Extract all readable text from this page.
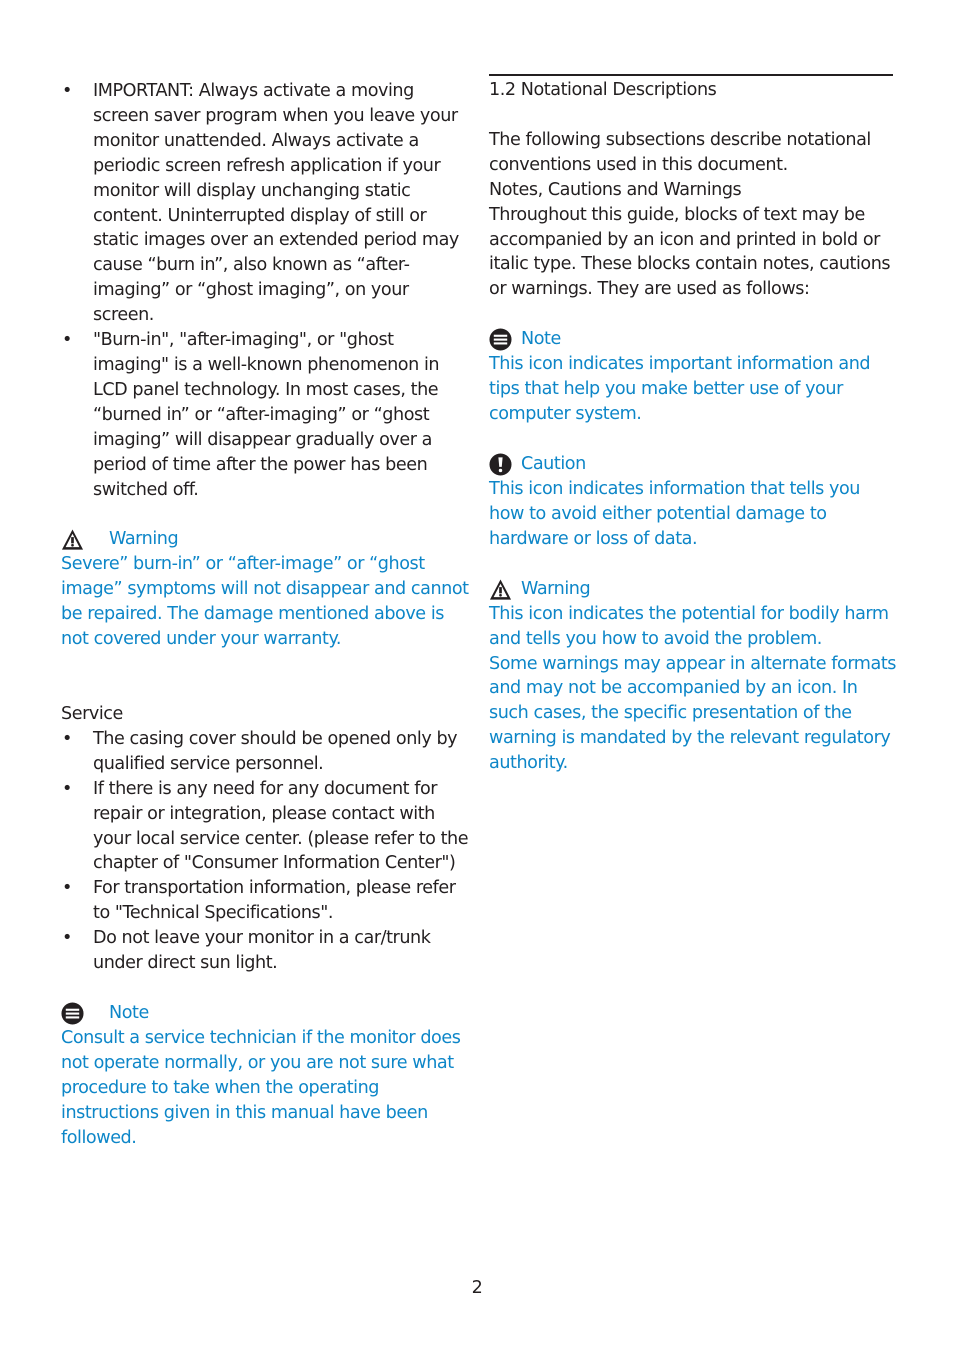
• IMPORTANT: Always activate a moving screen saver program when you leave your monitor unattended. Always activate a periodic screen refresh application if your monitor will display unchanging static content. Uninterrupted display of still or static images over an extended period may cause “burn in”, also known as “after-imaging” or “ghost imaging”, on your screen.
• "Burn-in", "after-imaging", or "ghost imaging" is a well-known phenomenon in LCD panel technology. In most cases, the “burned in” or “after-imaging” or “ghost imaging” will disappear gradually over a period of time after the power has been switched off.
Warning

Severe” burn-in” or “after-image” or “ghost image” symptoms will not disappear and cannot be repaired. The damage mentioned above is not covered under your warranty.

Service

• The casing cover should be opened only by qualified service personnel.
• If there is any need for any document for repair or integration, please contact with your local service center. (please refer to the chapter of "Consumer Information Center")
• For transportation information, please refer to "Technical Specifications".
• Do not leave your monitor in a car/trunk under direct sun light.
Note

Consult a service technician if the monitor does not operate normally, or you are not sure what procedure to take when the operating instructions given in this manual have been followed.

1.2 Notational Descriptions

The following subsections describe notational conventions used in this document.

Notes, Cautions and Warnings

Throughout this guide, blocks of text may be accompanied by an icon and printed in bold or italic type. These blocks contain notes, cautions or warnings. They are used as follows:

Note

This icon indicates important information and tips that help you make better use of your computer system.

Caution

This icon indicates information that tells you how to avoid either potential damage to hardware or loss of data.

Warning

This icon indicates the potential for bodily harm and tells you how to avoid the problem.

Some warnings may appear in alternate formats and may not be accompanied by an icon. In such cases, the specific presentation of the warning is mandated by the relevant regulatory authority.

2
